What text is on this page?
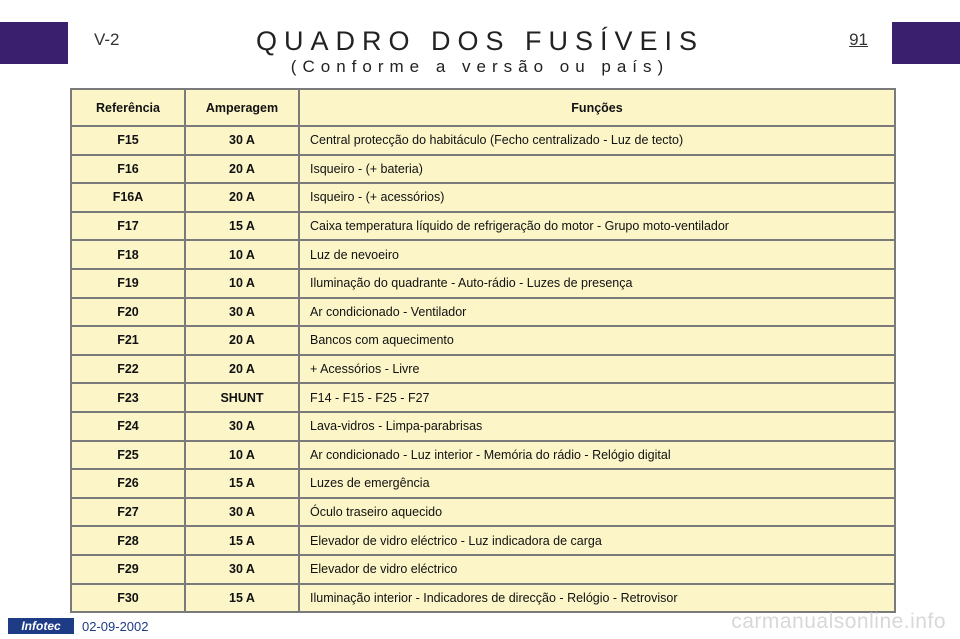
V-2	QUADRO DOS FUSÍVEIS
(Conforme a versão ou país)
91
Referência	Amperagem	Funções
F15	30 A	Central protecção do habitáculo (Fecho centralizado - Luz de tecto)
F16	20 A	Isqueiro - (+ bateria)
F16A	20 A	Isqueiro - (+ acessórios)
F17	15 A	Caixa temperatura líquido de refrigeração do motor - Grupo moto-ventilador
F18	10 A	Luz de nevoeiro
F19	10 A	Iluminação do quadrante - Auto-rádio - Luzes de presença
F20	30 A	Ar condicionado - Ventilador
F21	20 A	Bancos com aquecimento
F22	20 A	+ Acessórios - Livre
F23	SHUNT	F14 - F15 - F25 - F27
F24	30 A	Lava-vidros - Limpa-parabrisas
F25	10 A	Ar condicionado - Luz interior - Memória do rádio - Relógio digital
F26	15 A	Luzes de emergência
F27	30 A	Óculo traseiro aquecido
F28	15 A	Elevador de vidro eléctrico - Luz indicadora de carga
F29	30 A	Elevador de vidro eléctrico
F30	15 A	Iluminação interior - Indicadores de direcção - Relógio - Retrovisor
Infotec	02-09-2002	carmanualsonline.info
